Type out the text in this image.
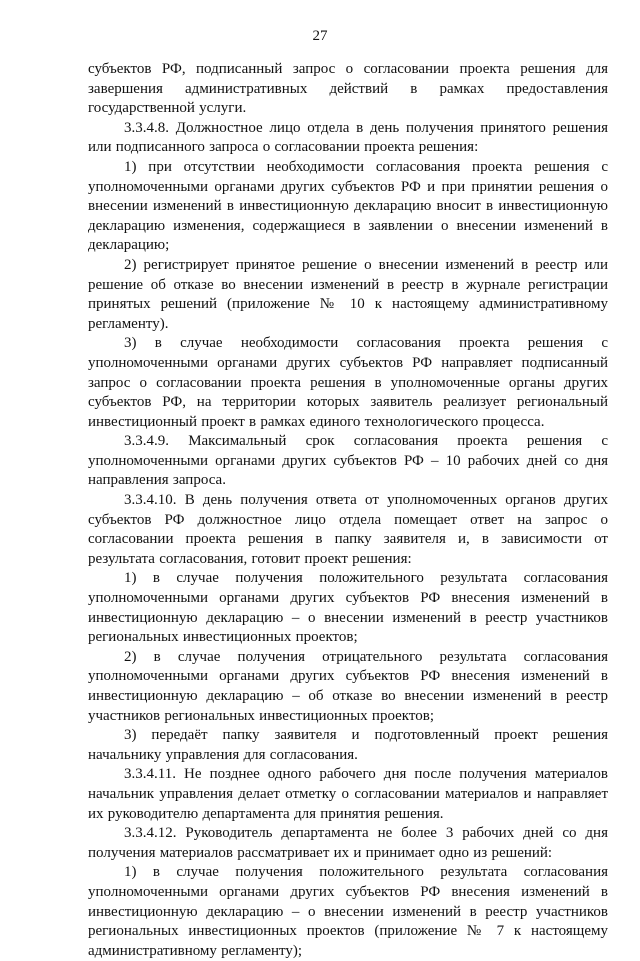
27

субъектов РФ, подписанный запрос о согласовании проекта решения для завершения административных действий в рамках предоставления государственной услуги.

3.3.4.8. Должностное лицо отдела в день получения принятого решения или подписанного запроса о согласовании проекта решения:

1) при отсутствии необходимости согласования проекта решения с уполномоченными органами других субъектов РФ и при принятии решения о внесении изменений в инвестиционную декларацию вносит в инвестиционную декларацию изменения, содержащиеся в заявлении о внесении изменений в декларацию;

2) регистрирует принятое решение о внесении изменений в реестр или решение об отказе во внесении изменений в реестр в журнале регистрации принятых решений (приложение № 10 к настоящему административному регламенту).

3) в случае необходимости согласования проекта решения с уполномоченными органами других субъектов РФ направляет подписанный запрос о согласовании проекта решения в уполномоченные органы других субъектов РФ, на территории которых заявитель реализует региональный инвестиционный проект в рамках единого технологического процесса.

3.3.4.9. Максимальный срок согласования проекта решения с уполномоченными органами других субъектов РФ – 10 рабочих дней со дня направления запроса.

3.3.4.10. В день получения ответа от уполномоченных органов других субъектов РФ должностное лицо отдела помещает ответ на запрос о согласовании проекта решения в папку заявителя и, в зависимости от результата согласования, готовит проект решения:

1) в случае получения положительного результата согласования уполномоченными органами других субъектов РФ внесения изменений в инвестиционную декларацию – о внесении изменений в реестр участников региональных инвестиционных проектов;

2) в случае получения отрицательного результата согласования уполномоченными органами других субъектов РФ внесения изменений в инвестиционную декларацию – об отказе во внесении изменений в реестр участников региональных инвестиционных проектов;

3) передаёт папку заявителя и подготовленный проект решения начальнику управления для согласования.

3.3.4.11. Не позднее одного рабочего дня после получения материалов начальник управления делает отметку о согласовании материалов и направляет их руководителю департамента для принятия решения.

3.3.4.12. Руководитель департамента не более 3 рабочих дней со дня получения материалов рассматривает их и принимает одно из решений:

1) в случае получения положительного результата согласования уполномоченными органами других субъектов РФ внесения изменений в инвестиционную декларацию – о внесении изменений в реестр участников региональных инвестиционных проектов (приложение № 7 к настоящему административному регламенту);
